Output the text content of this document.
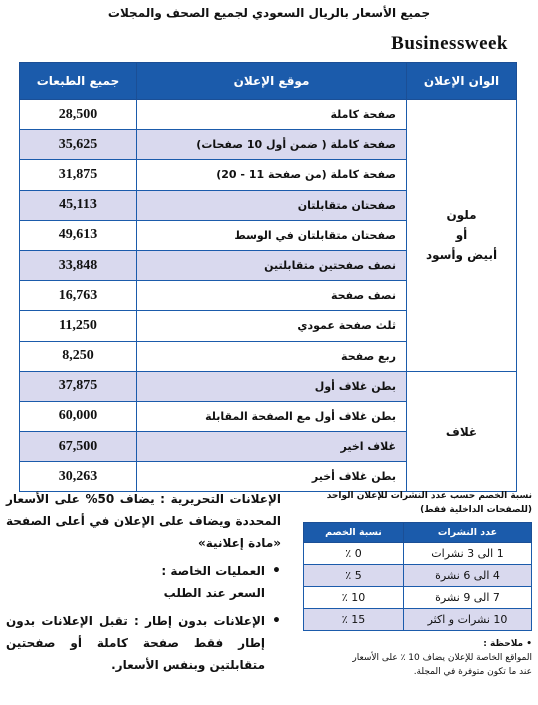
جميع الأسعار بالريال السعودي لجميع الصحف والمجلات
Businessweek
الوان الإعلان	موقع الإعلان	جميع الطبعات
ملون
أو
أبيض وأسود	صفحة كاملة	28,500
	صفحة كاملة ( ضمن أول 10 صفحات)	35,625
	صفحة كاملة (من صفحة 11 - 20)	31,875
	صفحتان متقابلتان	45,113
	صفحتان متقابلتان في الوسط	49,613
	نصف صفحتين متقابلتين	33,848
	نصف صفحة	16,763
	ثلث صفحة عمودي	11,250
	ربع صفحة	8,250
غلاف	بطن غلاف أول	37,875
	بطن غلاف أول مع الصفحة المقابلة	60,000
	غلاف اخير	67,500
	بطن غلاف أخير	30,263
الإعلانات التحريرية : يضاف 50% على الأسعار المحددة ويضاف على الإعلان في أعلى الصفحة «مادة إعلانية»
•
العمليات الخاصة :
السعر عند الطلب
•
الإعلانات بدون إطار : تقبل الإعلانات بدون إطار فقط صفحة كاملة أو صفحتين متقابلتين وبنفس الأسعار.
نسبة الخصم حسب عدد النشرات للإعلان الواحد (للصفحات الداخلية فقط)
عدد النشرات	نسبة الخصم
1 الى 3 نشرات	0 ٪
4 الى 6 نشرة	5 ٪
7 الى 9 نشرة	10 ٪
10 نشرات و اكثر	15 ٪
• ملاحظة :
المواقع الخاصة للإعلان يضاف 10 ٪ على الأسعار
عند ما تكون متوفرة في المجلة.
